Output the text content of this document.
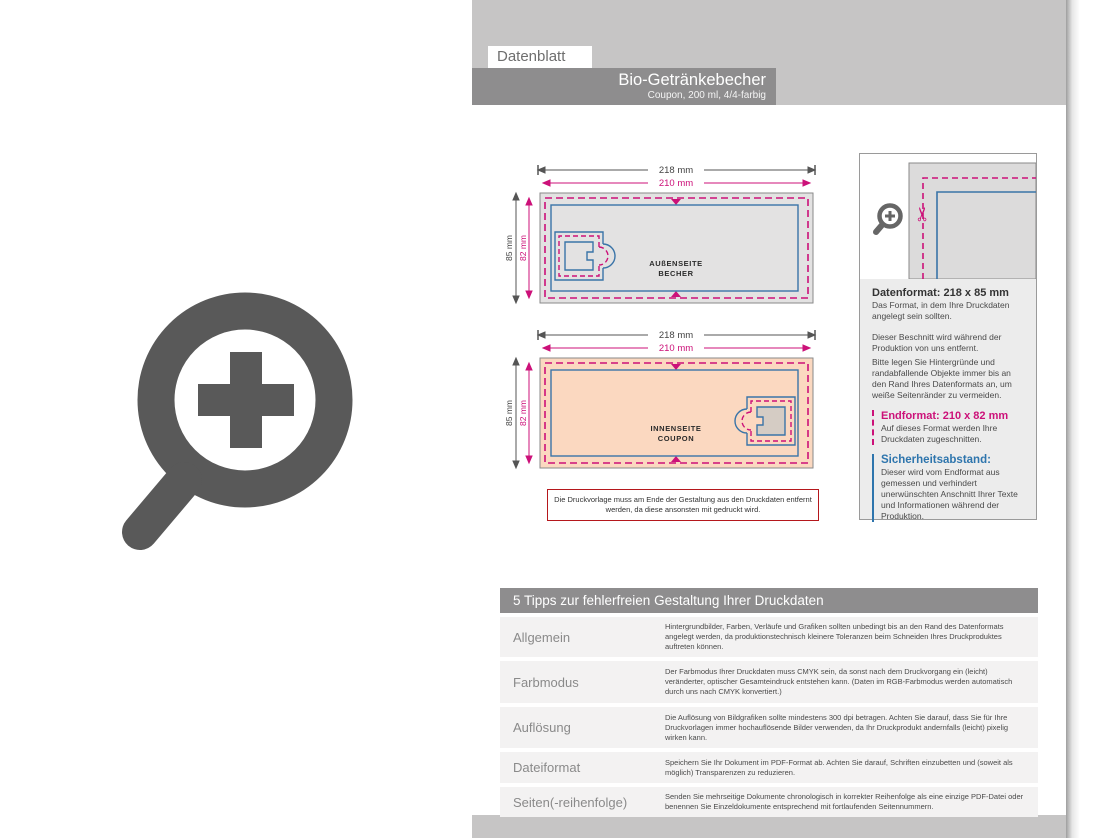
Datenblatt
Bio-Getränkebecher
Coupon, 200 ml, 4/4-farbig
218 mm
210 mm
85 mm 82 mm
AUßENSEITE
BECHER
218 mm
210 mm
85 mm 82 mm
INNENSEITE
COUPON
Die Druckvorlage muss am Ende der Gestaltung aus den Druckdaten entfernt werden, da diese ansonsten mit gedruckt wird.
✂
Datenformat: 218 x 85 mm

Das Format, in dem Ihre Druckdaten angelegt sein sollten.

Dieser Beschnitt wird während der Produktion von uns entfernt.

Bitte legen Sie Hintergründe und randabfallende Objekte immer bis an den Rand Ihres Datenformats an, um weiße Seitenränder zu vermeiden.

Endformat: 210 x 82 mm

Auf dieses Format werden Ihre Druckdaten zugeschnitten.

Sicherheitsabstand:

Dieser wird vom Endformat aus gemessen und verhindert unerwünschten Anschnitt Ihrer Texte und Informationen während der Produktion.

5 Tipps zur fehlerfreien Gestaltung Ihrer Druckdaten
Allgemein
Hintergrundbilder, Farben, Verläufe und Grafiken sollten unbedingt bis an den Rand des Datenformats angelegt werden, da produktionstechnisch kleinere Toleranzen beim Schneiden Ihres Druckproduktes auftreten können.
Farbmodus
Der Farbmodus Ihrer Druckdaten muss CMYK sein, da sonst nach dem Druckvorgang ein (leicht) veränderter, optischer Gesamteindruck entstehen kann. (Daten im RGB-Farbmodus werden automatisch durch uns nach CMYK konvertiert.)
Auflösung
Die Auflösung von Bildgrafiken sollte mindestens 300 dpi betragen. Achten Sie darauf, dass Sie für Ihre Druckvorlagen immer hochauflösende Bilder verwenden, da Ihr Druckprodukt andernfalls (leicht) pixelig wirken kann.
Dateiformat	Speichern Sie Ihr Dokument im PDF-Format ab. Achten Sie darauf, Schriften einzubetten und (soweit als möglich) Transparenzen zu reduzieren.
Seiten(-reihenfolge)	Senden Sie mehrseitige Dokumente chronologisch in korrekter Reihenfolge als eine einzige PDF-Datei oder benennen Sie Einzeldokumente entsprechend mit fortlaufenden Seitennummern.
